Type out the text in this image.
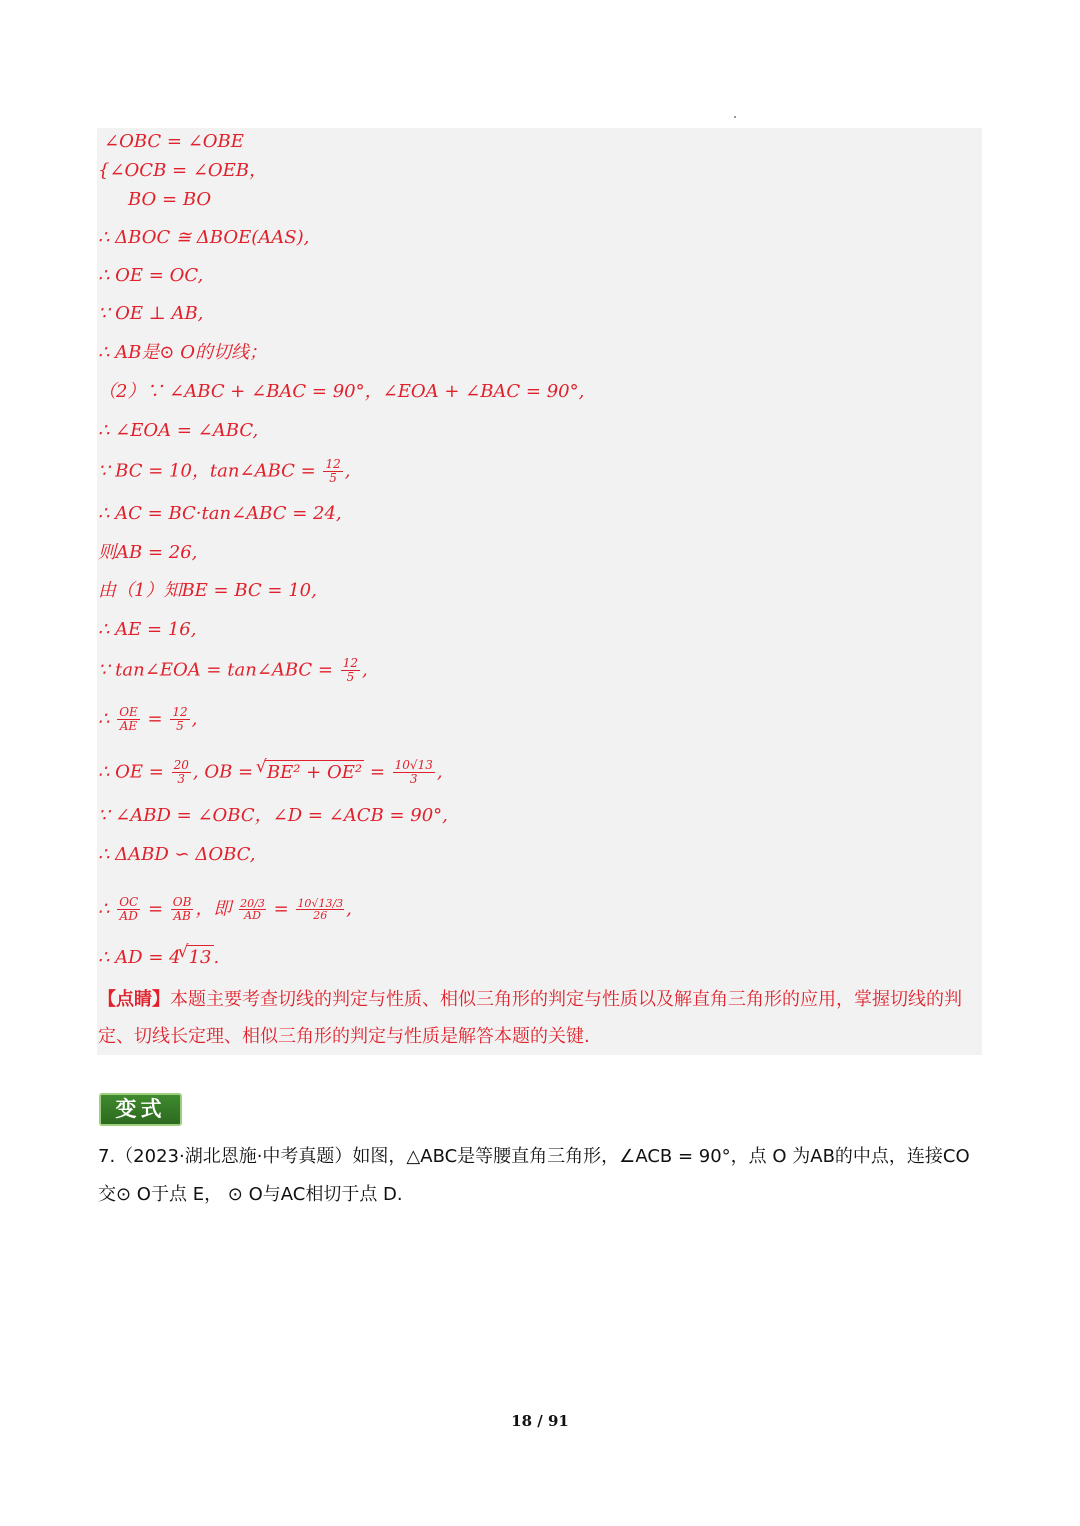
∠OBC = ∠OBE
{∠OCB = ∠OEB，
BO = BO
∴ ΔBOC ≅ ΔBOE(AAS),
∴ OE = OC,
∵ OE ⊥ AB,
∴ AB是⊙ O的切线；
（2）∵ ∠ABC + ∠BAC = 90°，∠EOA + ∠BAC = 90°,
∴ ∠EOA = ∠ABC,
∵ BC = 10，tan∠ABC = $\frac{12}{5}$ ,
∴ AC = BC·tan∠ABC = 24,
则AB = 26,
由（1）知BE = BC = 10,
∴ AE = 16,
∵ tan∠EOA = tan∠ABC = $\frac{12}{5}$ ,
∴ $\frac{OE}{AE} = \frac{12}{5}$ ,
∴ OE = $\frac{20}{3}$ , OB = √ $BE^2 + OE^2 = \frac{10√13}{3}$ ,
∵ ∠ABD = ∠OBC，∠D = ∠ACB = 90°,
∴ ΔABD ∽ ΔOBC,
∴ $\frac{OC}{AD} = \frac{OB}{AB}$ ，即 $\frac{20/3}{AD} = \frac{10√13/3}{26}$ ,
∴ AD = 4 √ 13 .
【点睛】本题主要考查切线的判定与性质、相似三角形的判定与性质以及解直角三角形的应用，掌握切线的判定、切线长定理、相似三角形的判定与性质是解答本题的关键.
变式
7.（2023·湖北恩施·中考真题）如图，△ABC是等腰直角三角形，∠ACB = 90°，点 O 为AB的中点，连接CO交⊙ O于点 E， ⊙ O与AC相切于点 D.
18 / 91
